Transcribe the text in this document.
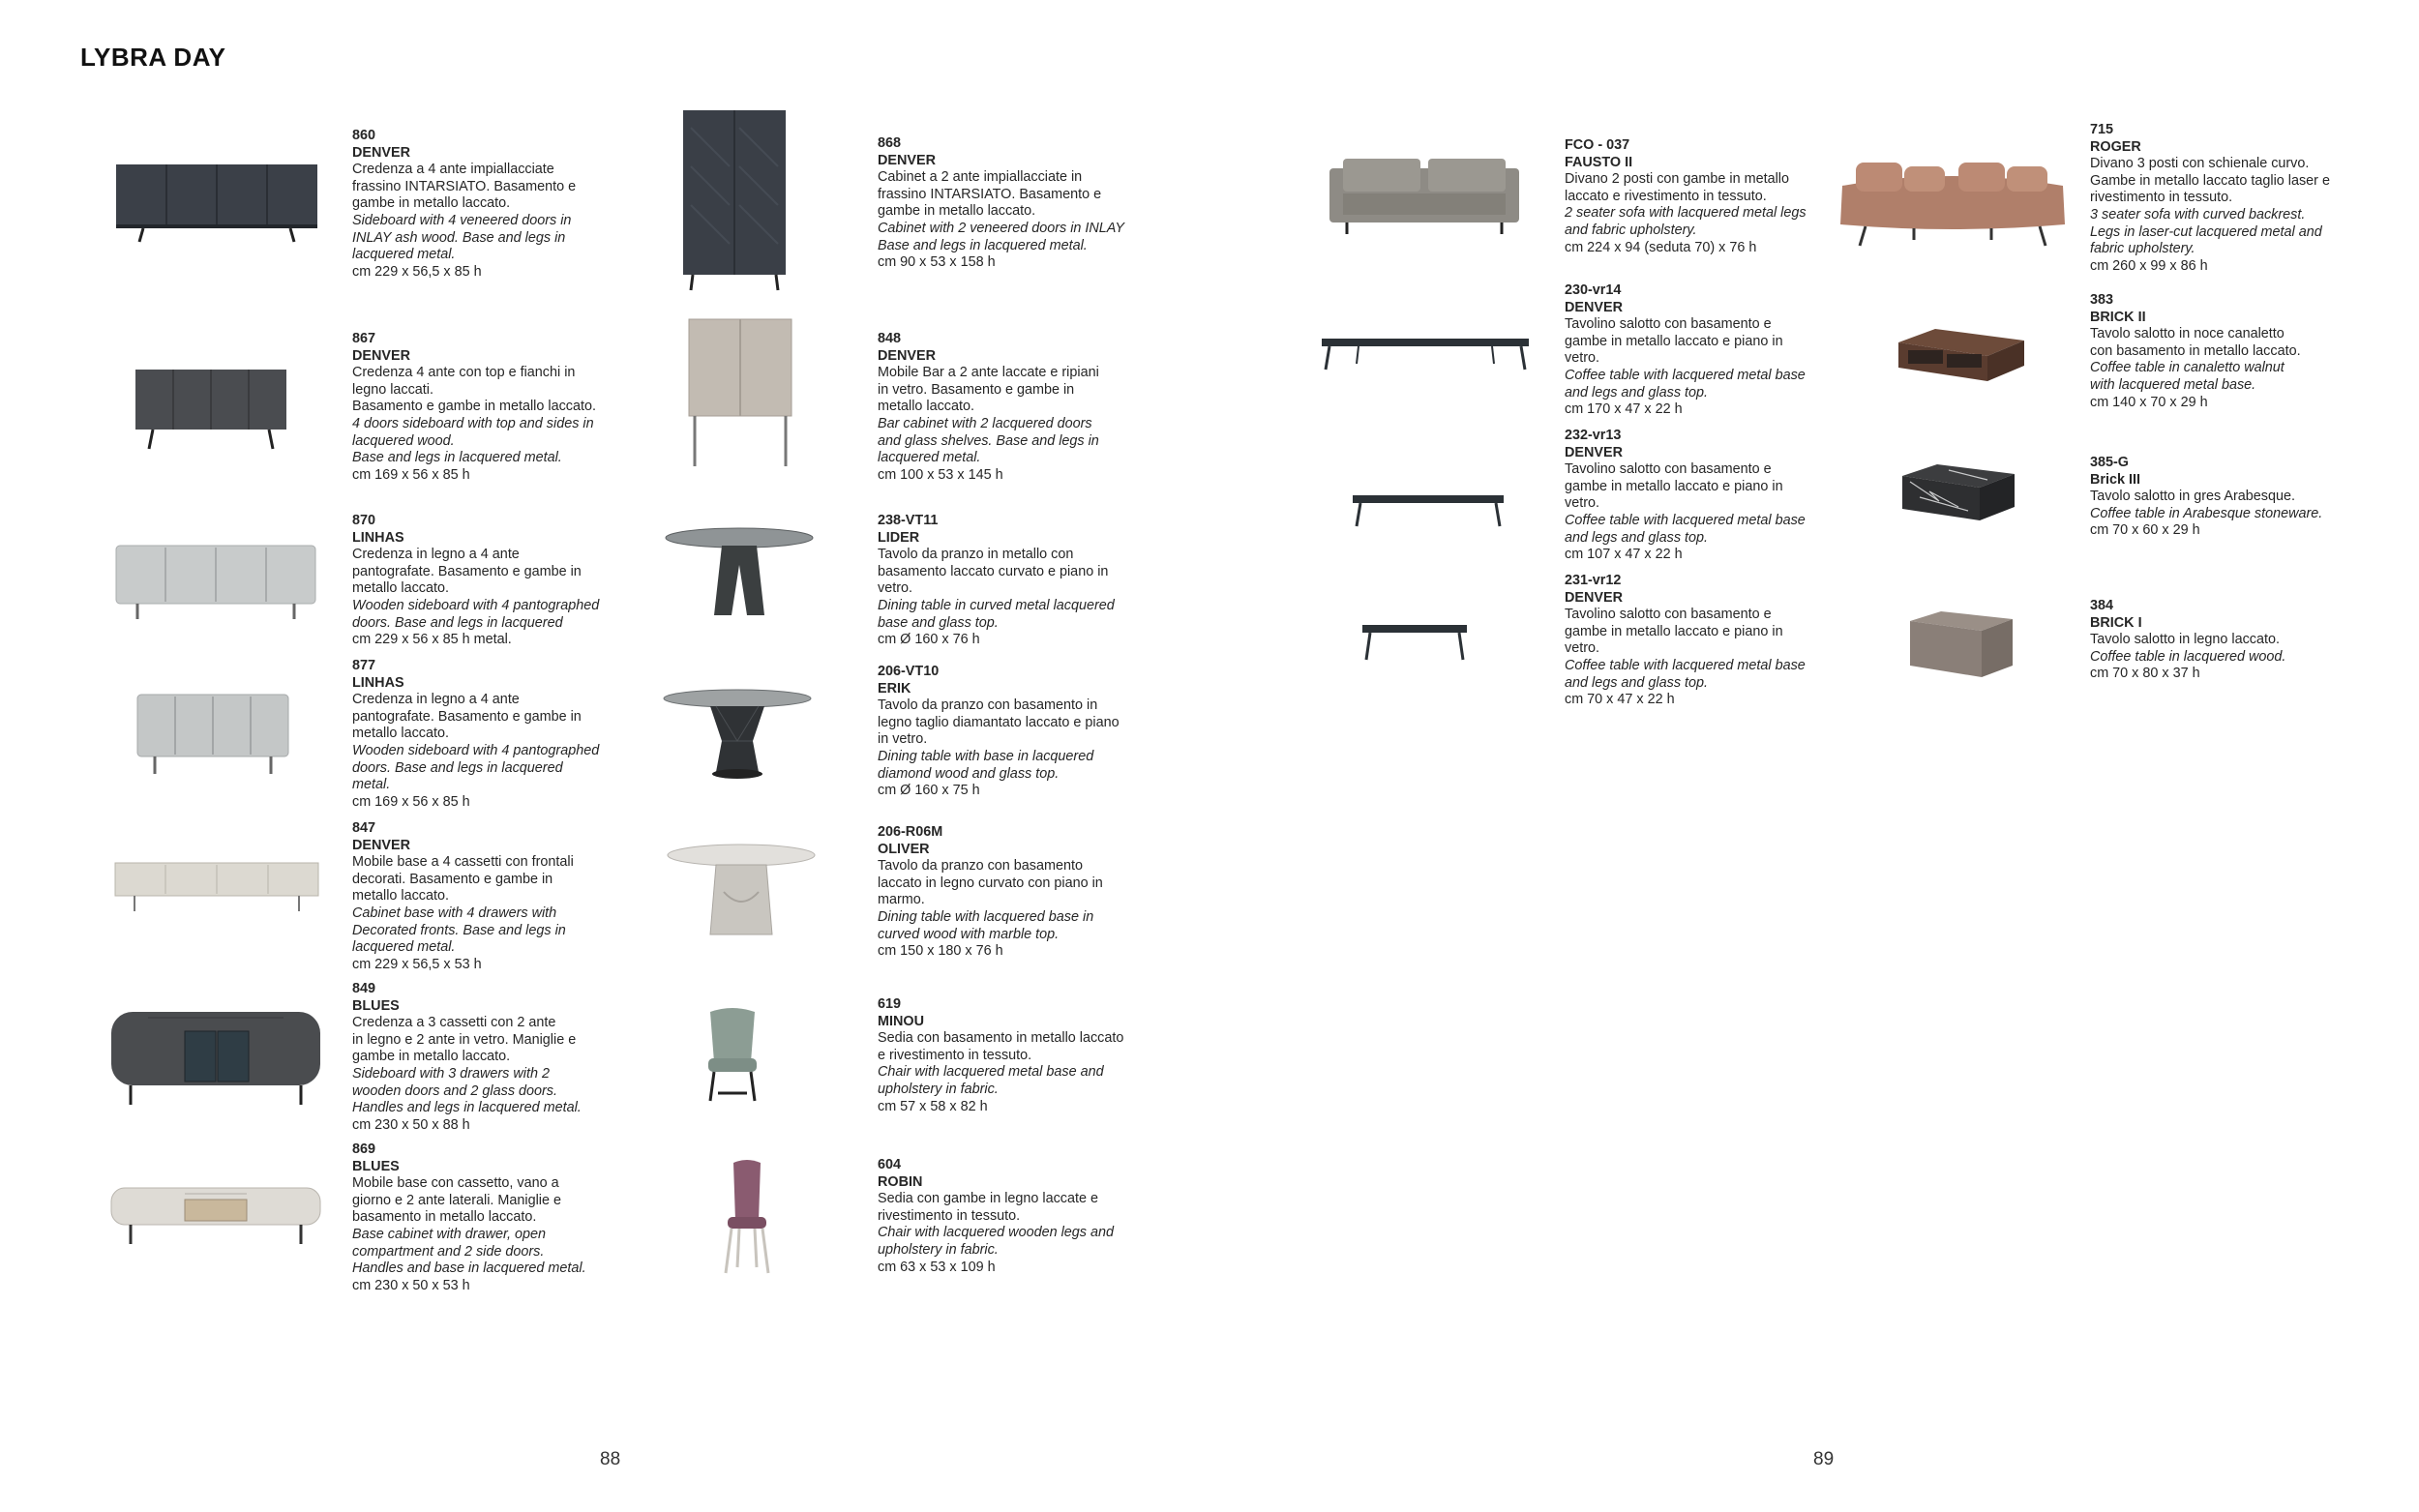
LYBRA DAY
860
DENVER
Credenza a 4 ante impiallacciate
frassino INTARSIATO. Basamento e
gambe in metallo laccato.
Sideboard with 4 veneered doors in
INLAY ash wood. Base and legs in
lacquered metal.
cm 229 x 56,5 x 85 h
867
DENVER
Credenza 4 ante con top e fianchi in
legno laccati.
Basamento e gambe in metallo laccato.
4 doors sideboard with top and sides in
lacquered wood.
Base and legs in lacquered metal.
cm 169 x 56 x 85 h
870
LINHAS
Credenza in legno a 4 ante
pantografate. Basamento e gambe in
metallo laccato.
Wooden sideboard with 4 pantographed
doors. Base and legs in lacquered
cm 229 x 56 x 85 h metal.
877
LINHAS
Credenza in legno a 4 ante
pantografate. Basamento e gambe in
metallo laccato.
Wooden sideboard with 4 pantographed
doors. Base and legs in lacquered
metal.
cm 169 x 56 x 85 h
847
DENVER
Mobile base a 4 cassetti con frontali
decorati. Basamento e gambe in
metallo laccato.
Cabinet base with 4 drawers with
Decorated fronts. Base and legs in
lacquered metal.
cm 229 x 56,5 x 53 h
849
BLUES
Credenza a 3 cassetti con 2 ante
in legno e 2 ante in vetro. Maniglie e
gambe in metallo laccato.
Sideboard with 3 drawers with 2
wooden doors and 2 glass doors.
Handles and legs in lacquered metal.
cm 230 x 50 x 88 h
869
BLUES
Mobile base con cassetto, vano a
giorno e 2 ante laterali. Maniglie e
basamento in metallo laccato.
Base cabinet with drawer, open
compartment and 2 side doors.
Handles and base in lacquered metal.
cm 230 x 50 x 53 h
868
DENVER
Cabinet a 2 ante impiallacciate in
frassino INTARSIATO. Basamento e
gambe in metallo laccato.
Cabinet with 2 veneered doors in INLAY
Base and legs in lacquered metal.
cm 90 x 53 x 158 h
848
DENVER
Mobile Bar a 2 ante laccate e ripiani
in vetro. Basamento e gambe in
metallo laccato.
Bar cabinet with 2 lacquered doors
and glass shelves. Base and legs in
lacquered metal.
cm 100 x 53 x 145 h
238-VT11
LIDER
Tavolo da pranzo in metallo con
basamento laccato curvato e piano in
vetro.
Dining table in curved metal lacquered
base and glass top.
cm Ø 160 x 76 h
206-VT10
ERIK
Tavolo da pranzo con basamento in
legno taglio diamantato laccato e piano
in vetro.
Dining table with base in lacquered
diamond wood and glass top.
cm Ø 160 x 75 h
206-R06M
OLIVER
Tavolo da pranzo con basamento
laccato in legno curvato con piano in
marmo.
Dining table with lacquered base in
curved wood with marble top.
cm 150 x 180 x 76 h
619
MINOU
Sedia con basamento in metallo laccato
e rivestimento in tessuto.
Chair with lacquered metal base and
upholstery in fabric.
cm 57 x 58 x 82 h
604
ROBIN
Sedia con gambe in legno laccate e
rivestimento in tessuto.
Chair with lacquered wooden legs and
upholstery in fabric.
cm 63 x 53 x 109 h
FCO - 037
FAUSTO II
Divano 2 posti con gambe in metallo
laccato e rivestimento in tessuto.
2 seater sofa with lacquered metal legs
and fabric upholstery.
cm 224 x 94 (seduta 70) x 76 h
230-vr14
DENVER
Tavolino salotto con basamento e
gambe in metallo laccato e piano in
vetro.
Coffee table with lacquered metal base
and legs and glass top.
cm 170 x 47 x 22 h
232-vr13
DENVER
Tavolino salotto con basamento e
gambe in metallo laccato e piano in
vetro.
Coffee table with lacquered metal base
and legs and glass top.
cm 107 x 47 x 22 h
231-vr12
DENVER
Tavolino salotto con basamento e
gambe in metallo laccato e piano in
vetro.
Coffee table with lacquered metal base
and legs and glass top.
cm 70 x 47 x 22 h
715
ROGER
Divano 3 posti con schienale curvo.
Gambe in metallo laccato taglio laser e
rivestimento in tessuto.
3 seater sofa with curved backrest.
Legs in laser-cut lacquered metal and
fabric upholstery.
cm 260 x 99 x 86 h
383
BRICK II
Tavolo salotto in noce canaletto
con basamento in metallo laccato.
Coffee table in canaletto walnut
with lacquered metal base.
cm 140 x 70 x 29 h
385-G
Brick III
Tavolo salotto in gres Arabesque.
Coffee table in Arabesque stoneware.
cm 70 x 60 x 29 h
384
BRICK I
Tavolo salotto in legno laccato.
Coffee table in lacquered wood.
cm 70 x 80 x 37 h
88	89
